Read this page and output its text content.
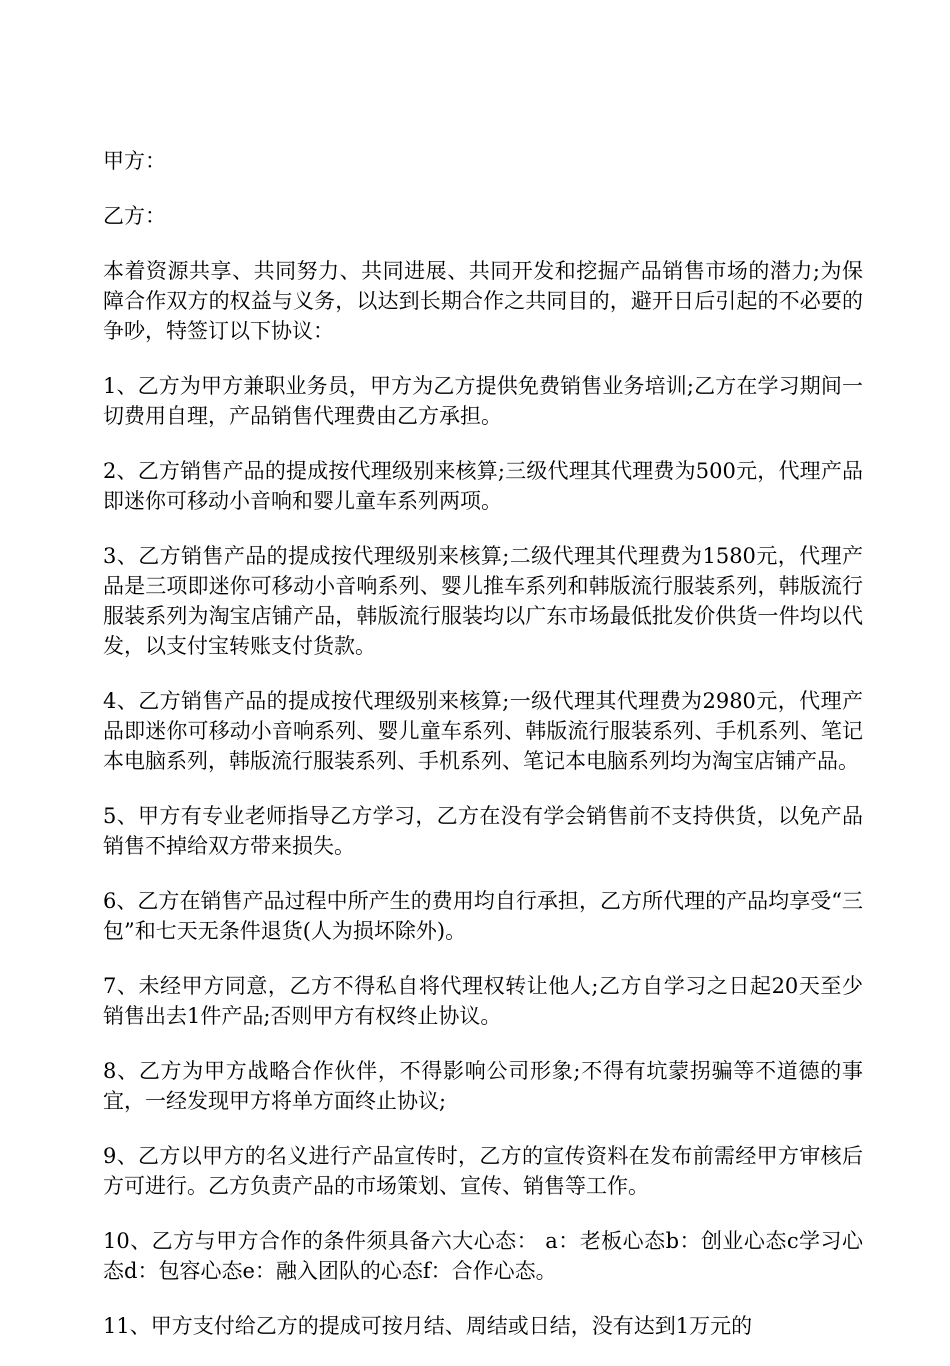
甲方：

乙方：

本着资源共享、共同努力、共同进展、共同开发和挖掘产品销售市场的潜力;为保障合作双方的权益与义务，以达到长期合作之共同目的，避开日后引起的不必要的争吵，特签订以下协议：

1、乙方为甲方兼职业务员，甲方为乙方提供免费销售业务培训;乙方在学习期间一切费用自理，产品销售代理费由乙方承担。

2、乙方销售产品的提成按代理级别来核算;三级代理其代理费为500元，代理产品即迷你可移动小音响和婴儿童车系列两项。

3、乙方销售产品的提成按代理级别来核算;二级代理其代理费为1580元，代理产品是三项即迷你可移动小音响系列、婴儿推车系列和韩版流行服装系列，韩版流行服装系列为淘宝店铺产品，韩版流行服装均以广东市场最低批发价供货一件均以代发，以支付宝转账支付货款。

4、乙方销售产品的提成按代理级别来核算;一级代理其代理费为2980元，代理产品即迷你可移动小音响系列、婴儿童车系列、韩版流行服装系列、手机系列、笔记本电脑系列，韩版流行服装系列、手机系列、笔记本电脑系列均为淘宝店铺产品。

5、甲方有专业老师指导乙方学习，乙方在没有学会销售前不支持供货，以免产品销售不掉给双方带来损失。

6、乙方在销售产品过程中所产生的费用均自行承担，乙方所代理的产品均享受“三包”和七天无条件退货(人为损坏除外)。

7、未经甲方同意，乙方不得私自将代理权转让他人;乙方自学习之日起20天至少销售出去1件产品;否则甲方有权终止协议。

8、乙方为甲方战略合作伙伴，不得影响公司形象;不得有坑蒙拐骗等不道德的事宜，一经发现甲方将单方面终止协议;

9、乙方以甲方的名义进行产品宣传时，乙方的宣传资料在发布前需经甲方审核后方可进行。乙方负责产品的市场策划、宣传、销售等工作。

10、乙方与甲方合作的条件须具备六大心态： a：老板心态b：创业心态c学习心态d：包容心态e：融入团队的心态f：合作心态。

11、甲方支付给乙方的提成可按月结、周结或日结，没有达到1万元的
